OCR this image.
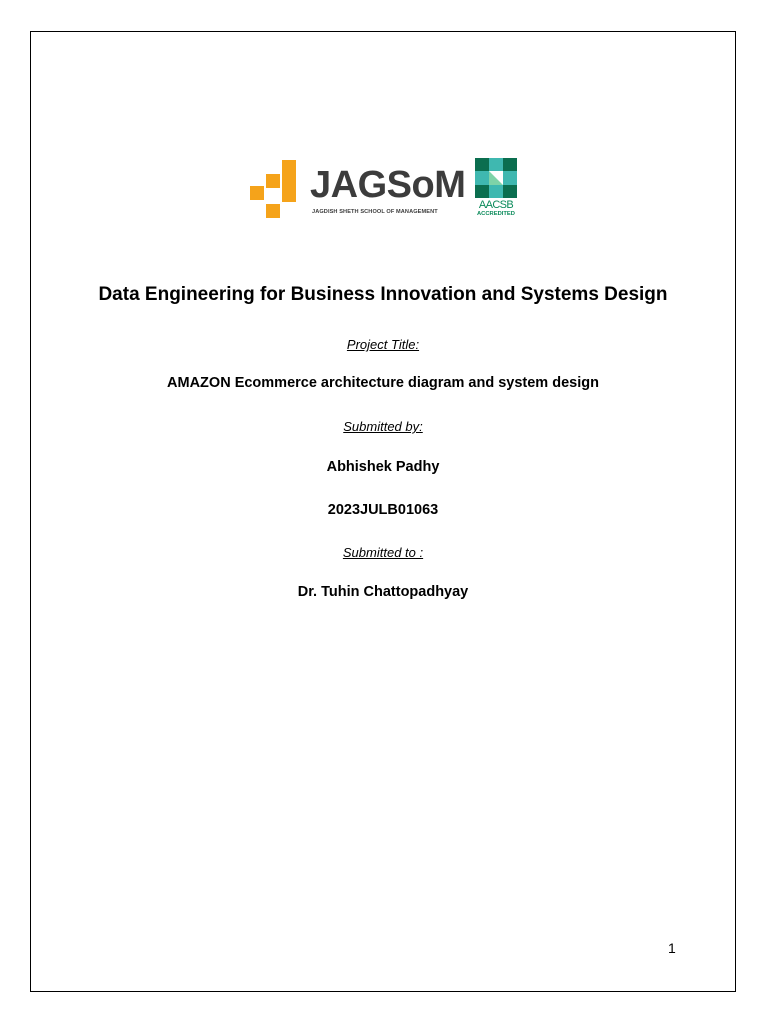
JAGSoM
JAGDISH SHETH SCHOOL OF MANAGEMENT
AACSB
ACCREDITED
Data Engineering for Business Innovation and Systems Design
Project Title:
AMAZON Ecommerce architecture diagram and system design
Submitted by:
Abhishek Padhy
2023JULB01063
Submitted to :
Dr. Tuhin Chattopadhyay
1
